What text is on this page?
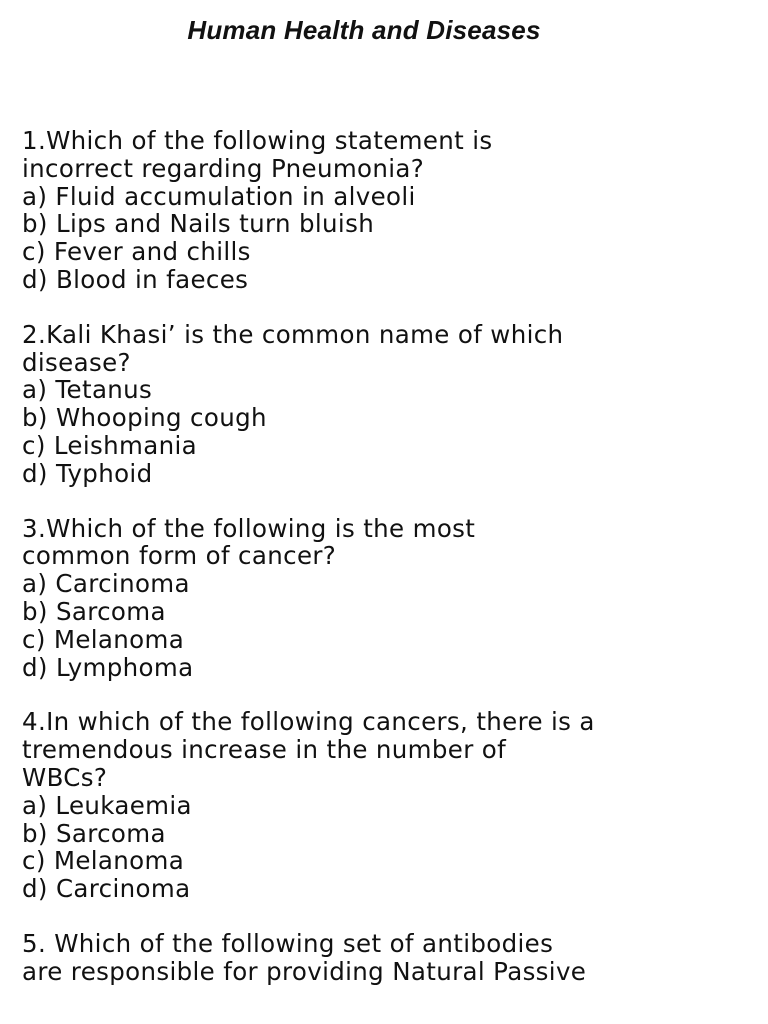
Human Health and Diseases
1.Which of the following statement is
incorrect regarding Pneumonia?
a) Fluid accumulation in alveoli
b) Lips and Nails turn bluish
c) Fever and chills
d) Blood in faeces
2.Kali Khasi’ is the common name of which
disease?
a) Tetanus
b) Whooping cough
c) Leishmania
d) Typhoid
3.Which of the following is the most
common form of cancer?
a) Carcinoma
b) Sarcoma
c) Melanoma
d) Lymphoma
4.In which of the following cancers, there is a
tremendous increase in the number of
WBCs?
a) Leukaemia
b) Sarcoma
c) Melanoma
d) Carcinoma
5. Which of the following set of antibodies
are responsible for providing Natural Passive
